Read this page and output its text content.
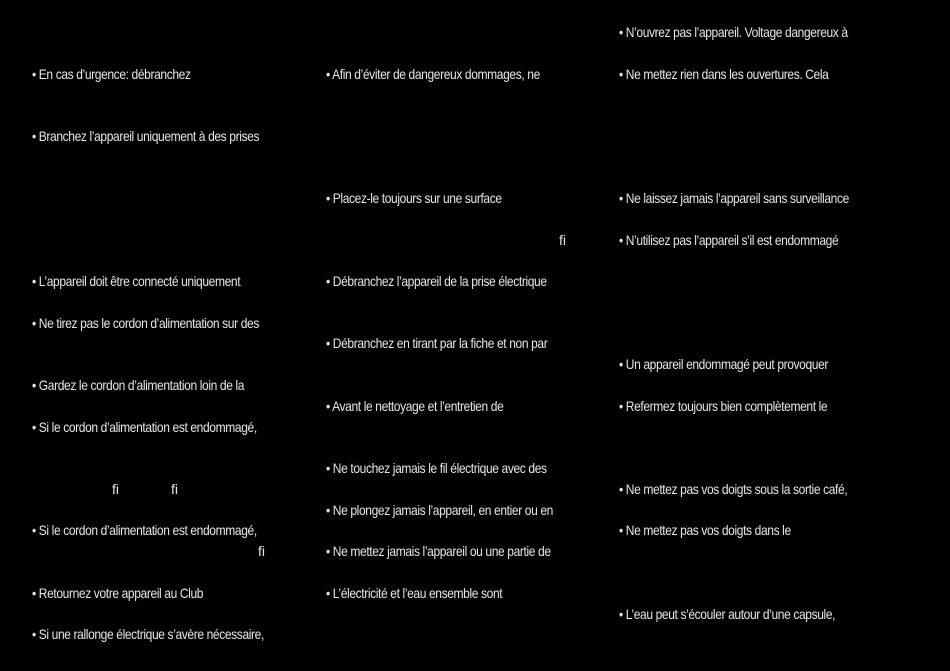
• En cas d’urgence: débranchez
• Branchez l’appareil uniquement à des prises
• L’appareil doit être connecté uniquement
• Ne tirez pas le cordon d’alimentation sur des
• Gardez le cordon d’alimentation loin de la
• Si le cordon d’alimentation est endommagé,
• Si le cordon d’alimentation est endommagé,
• Retournez votre appareil au Club
• Si une rallonge électrique s’avère nécessaire,
• Afin d’éviter de dangereux dommages, ne
• Placez-le toujours sur une surface
• Débranchez l’appareil de la prise électrique
• Débranchez en tirant par la fiche et non par
• Avant le nettoyage et l’entretien de
• Ne touchez jamais le fil électrique avec des
• Ne plongez jamais l’appareil, en entier ou en
• Ne mettez jamais l’appareil ou une partie de
• L’électricité et l’eau ensemble sont
• N’ouvrez pas l’appareil. Voltage dangereux à
• Ne mettez rien dans les ouvertures. Cela
• Ne laissez jamais l’appareil sans surveillance
• N’utilisez pas l’appareil s’il est endommagé
• Un appareil endommagé peut provoquer
• Refermez toujours bien complètement le
• Ne mettez pas vos doigts sous la sortie café,
• Ne mettez pas vos doigts dans le
• L’eau peut s’écouler autour d’une capsule,
ﬁ
ﬁ	ﬁ
ﬁ
